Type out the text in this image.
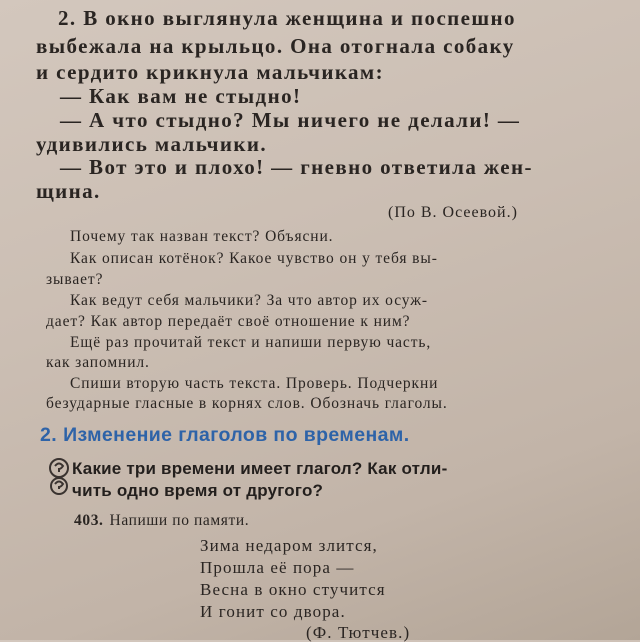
2. В окно выглянула женщина и поспешно
выбежала на крыльцо. Она отогнала собаку
и сердито крикнула мальчикам:
— Как вам не стыдно!
— А что стыдно? Мы ничего не делали! —
удивились мальчики.
— Вот это и плохо! — гневно ответила жен-
щина.
(По В. Осеевой.)
Почему так назван текст? Объясни.
Как описан котёнок? Какое чувство он у тебя вы-
зывает?
Как ведут себя мальчики? За что автор их осуж-
дает? Как автор передаёт своё отношение к ним?
Ещё раз прочитай текст и напиши первую часть,
как запомнил.
Спиши вторую часть текста. Проверь. Подчеркни
безударные гласные в корнях слов. Обозначь глаголы.
2. Изменение глаголов по временам.
Какие три времени имеет глагол? Как отли-
чить одно время от другого?
403. Напиши по памяти.
Зима недаром злится,
Прошла её пора —
Весна в окно стучится
И гонит со двора.
(Ф. Тютчев.)
